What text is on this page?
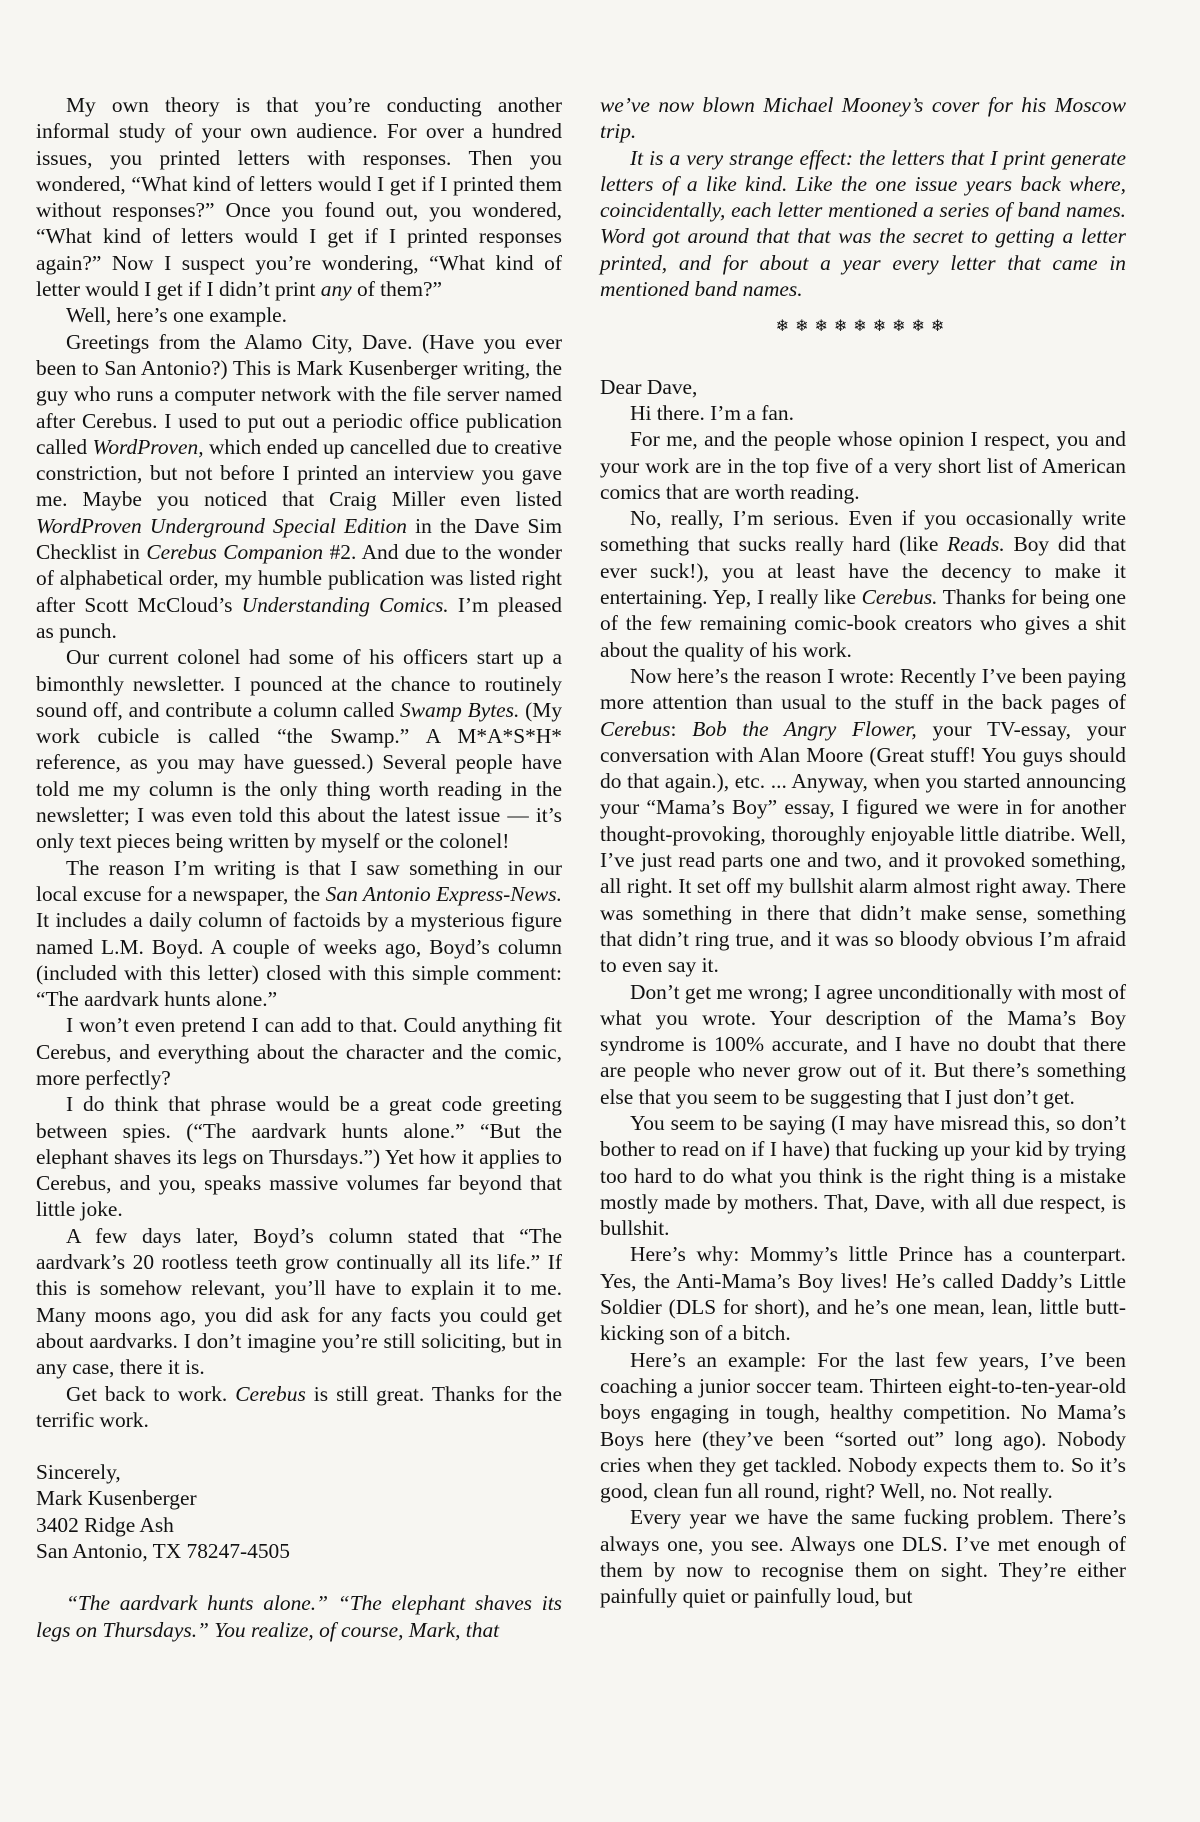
My own theory is that you’re conducting another informal study of your own audience. For over a hundred issues, you printed letters with responses. Then you wondered, “What kind of letters would I get if I printed them without responses?” Once you found out, you wondered, “What kind of letters would I get if I printed responses again?” Now I suspect you’re wondering, “What kind of letter would I get if I didn’t print any of them?”

Well, here’s one example.

Greetings from the Alamo City, Dave. (Have you ever been to San Antonio?) This is Mark Kusenberger writing, the guy who runs a computer network with the file server named after Cerebus. I used to put out a periodic office publication called WordProven, which ended up cancelled due to creative constriction, but not before I printed an interview you gave me. Maybe you noticed that Craig Miller even listed WordProven Underground Special Edition in the Dave Sim Checklist in Cerebus Companion #2. And due to the wonder of alphabetical order, my humble publication was listed right after Scott McCloud’s Understanding Comics. I’m pleased as punch.

Our current colonel had some of his officers start up a bimonthly newsletter. I pounced at the chance to routinely sound off, and contribute a column called Swamp Bytes. (My work cubicle is called “the Swamp.” A M*A*S*H* reference, as you may have guessed.) Several people have told me my column is the only thing worth reading in the newsletter; I was even told this about the latest issue — it’s only text pieces being written by myself or the colonel!

The reason I’m writing is that I saw something in our local excuse for a newspaper, the San Antonio Express-News. It includes a daily column of factoids by a mysterious figure named L.M. Boyd. A couple of weeks ago, Boyd’s column (included with this letter) closed with this simple comment: “The aardvark hunts alone.”

I won’t even pretend I can add to that. Could anything fit Cerebus, and everything about the character and the comic, more perfectly?

I do think that phrase would be a great code greeting between spies. (“The aardvark hunts alone.” “But the elephant shaves its legs on Thursdays.”) Yet how it applies to Cerebus, and you, speaks massive volumes far beyond that little joke.

A few days later, Boyd’s column stated that “The aardvark’s 20 rootless teeth grow continually all its life.” If this is somehow relevant, you’ll have to explain it to me. Many moons ago, you did ask for any facts you could get about aardvarks. I don’t imagine you’re still soliciting, but in any case, there it is.

Get back to work. Cerebus is still great. Thanks for the terrific work.

Sincerely,

Mark Kusenberger

3402 Ridge Ash

San Antonio, TX 78247-4505

“The aardvark hunts alone.” “The elephant shaves its legs on Thursdays.” You realize, of course, Mark, that

we’ve now blown Michael Mooney’s cover for his Moscow trip.

It is a very strange effect: the letters that I print generate letters of a like kind. Like the one issue years back where, coincidentally, each letter mentioned a series of band names. Word got around that that was the secret to getting a letter printed, and for about a year every letter that came in mentioned band names.

❄❄❄❄❄❄❄❄❄

Dear Dave,

Hi there. I’m a fan.

For me, and the people whose opinion I respect, you and your work are in the top five of a very short list of American comics that are worth reading.

No, really, I’m serious. Even if you occasionally write something that sucks really hard (like Reads. Boy did that ever suck!), you at least have the decency to make it entertaining. Yep, I really like Cerebus. Thanks for being one of the few remaining comic-book creators who gives a shit about the quality of his work.

Now here’s the reason I wrote: Recently I’ve been paying more attention than usual to the stuff in the back pages of Cerebus: Bob the Angry Flower, your TV-essay, your conversation with Alan Moore (Great stuff! You guys should do that again.), etc. ... Anyway, when you started announcing your “Mama’s Boy” essay, I figured we were in for another thought-provoking, thoroughly enjoyable little diatribe. Well, I’ve just read parts one and two, and it provoked something, all right. It set off my bullshit alarm almost right away. There was something in there that didn’t make sense, something that didn’t ring true, and it was so bloody obvious I’m afraid to even say it.

Don’t get me wrong; I agree unconditionally with most of what you wrote. Your description of the Mama’s Boy syndrome is 100% accurate, and I have no doubt that there are people who never grow out of it. But there’s something else that you seem to be suggesting that I just don’t get.

You seem to be saying (I may have misread this, so don’t bother to read on if I have) that fucking up your kid by trying too hard to do what you think is the right thing is a mistake mostly made by mothers. That, Dave, with all due respect, is bullshit.

Here’s why: Mommy’s little Prince has a counterpart. Yes, the Anti-Mama’s Boy lives! He’s called Daddy’s Little Soldier (DLS for short), and he’s one mean, lean, little butt-kicking son of a bitch.

Here’s an example: For the last few years, I’ve been coaching a junior soccer team. Thirteen eight-to-ten-year-old boys engaging in tough, healthy competition. No Mama’s Boys here (they’ve been “sorted out” long ago). Nobody cries when they get tackled. Nobody expects them to. So it’s good, clean fun all round, right? Well, no. Not really.

Every year we have the same fucking problem. There’s always one, you see. Always one DLS. I’ve met enough of them by now to recognise them on sight. They’re either painfully quiet or painfully loud, but
